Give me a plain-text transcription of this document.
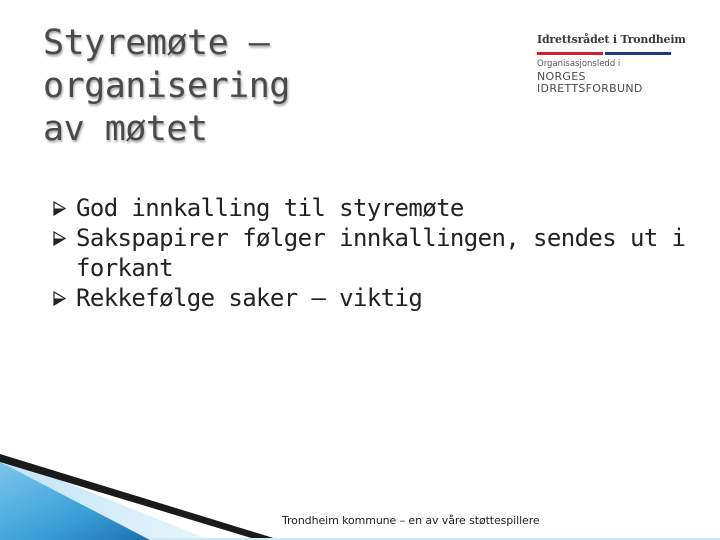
Styremøte – organisering
av møtet
Idrettsrådet i Trondheim
Organisasjonsledd i
NORGES
IDRETTSFORBUND
God innkalling til styremøte
Sakspapirer følger innkallingen, sendes ut i forkant
Rekkefølge saker – viktig
Trondheim kommune – en av våre støttespillere
